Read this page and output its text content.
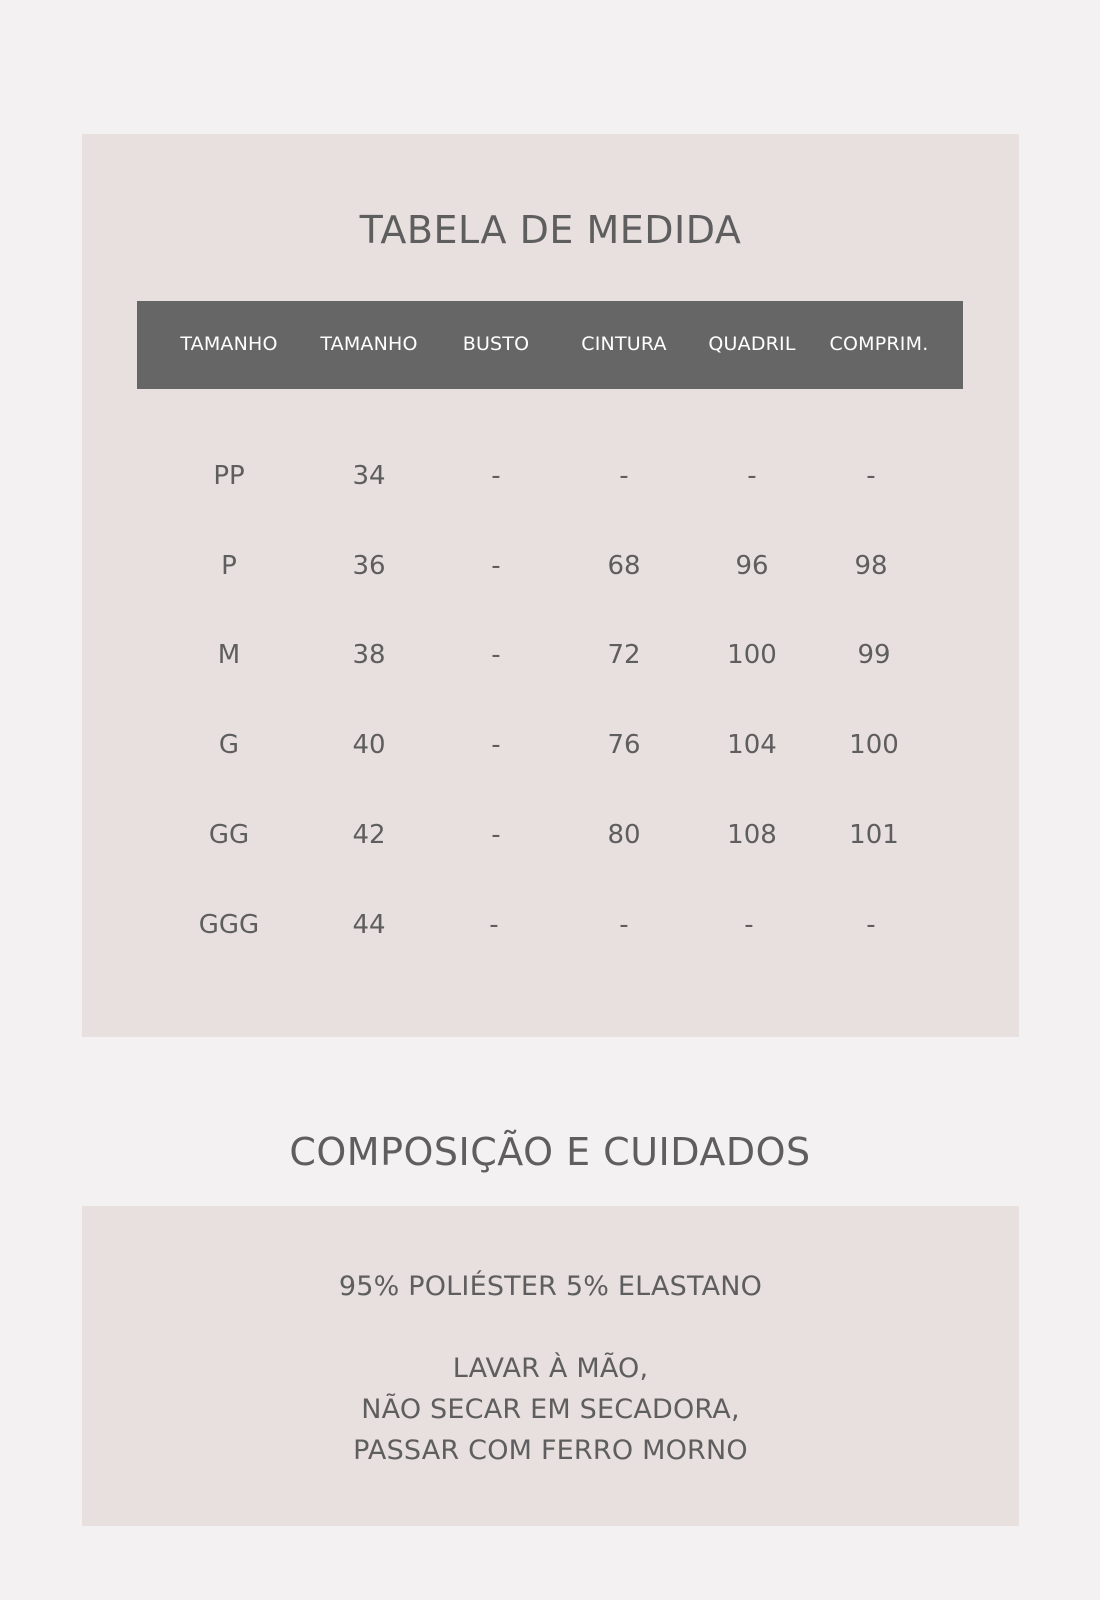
TABELA DE MEDIDA
TAMANHO	TAMANHO	BUSTO	CINTURA	QUADRIL	COMPRIM.
PP	34	-	-	-	-
P	36	-	68	96	98
M	38	-	72	100	99
G	40	-	76	104	100
GG	42	-	80	108	101
GGG	44	-	-	-	-
COMPOSIÇÃO E CUIDADOS
95% POLIÉSTER 5% ELASTANO
LAVAR À MÃO,
NÃO SECAR EM SECADORA,
PASSAR COM FERRO MORNO
